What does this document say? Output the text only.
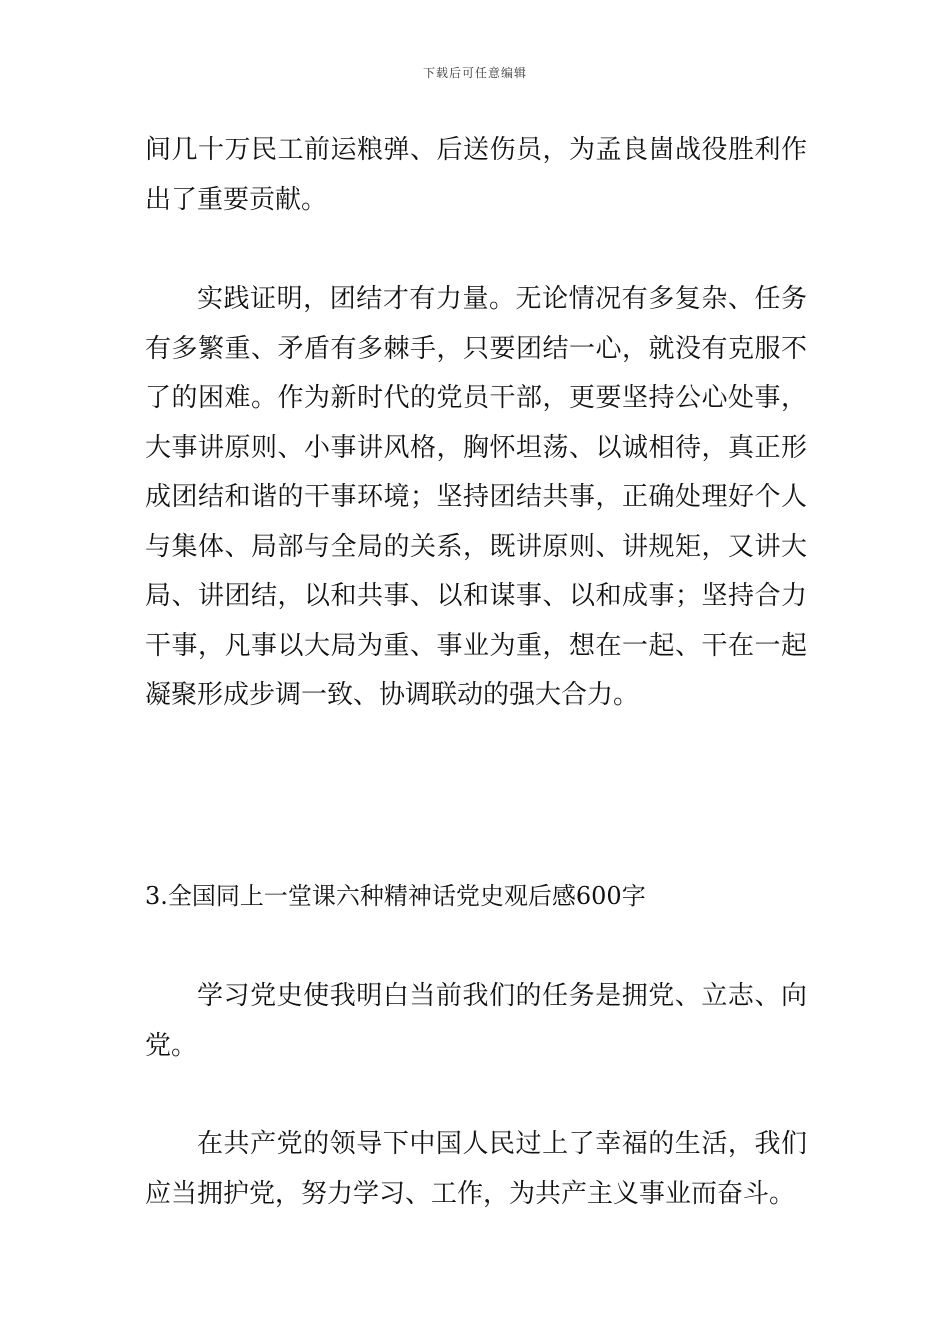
下载后可任意编辑

间几十万民工前运粮弹、后送伤员，为孟良崮战役胜利作出了重要贡献。

实践证明，团结才有力量。无论情况有多复杂、任务有多繁重、矛盾有多棘手，只要团结一心，就没有克服不了的困难。作为新时代的党员干部，更要坚持公心处事，大事讲原则、小事讲风格，胸怀坦荡、以诚相待，真正形成团结和谐的干事环境；坚持团结共事，正确处理好个人与集体、局部与全局的关系，既讲原则、讲规矩，又讲大局、讲团结，以和共事、以和谋事、以和成事；坚持合力干事，凡事以大局为重、事业为重，想在一起、干在一起凝聚形成步调一致、协调联动的强大合力。

3.全国同上一堂课六种精神话党史观后感600字

学习党史使我明白当前我们的任务是拥党、立志、向党。

在共产党的领导下中国人民过上了幸福的生活，我们应当拥护党，努力学习、工作，为共产主义事业而奋斗。
